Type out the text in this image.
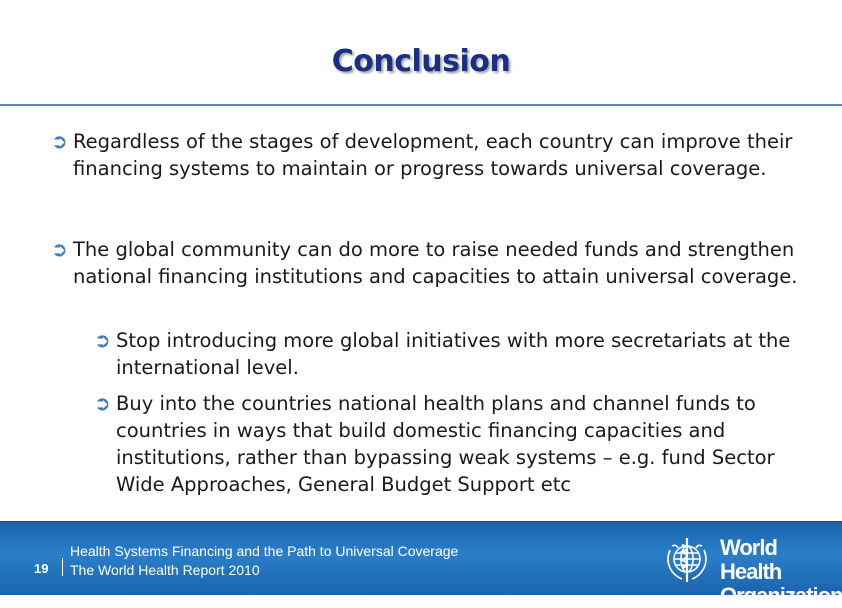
Conclusion
➲ Regardless of the stages of development, each country can improve their financing systems to maintain or progress towards universal coverage.
➲ The global community can do more to raise needed funds and strengthen national financing institutions and capacities to attain universal coverage.
➲ Stop introducing more global initiatives with more secretariats at the international level.
➲ Buy into the countries national health plans and channel funds to countries in ways that build domestic financing capacities and institutions, rather than bypassing weak systems – e.g. fund Sector Wide Approaches, General Budget Support etc
19
Health Systems Financing and the Path to Universal Coverage
The World Health Report 2010
World Health
Organization
